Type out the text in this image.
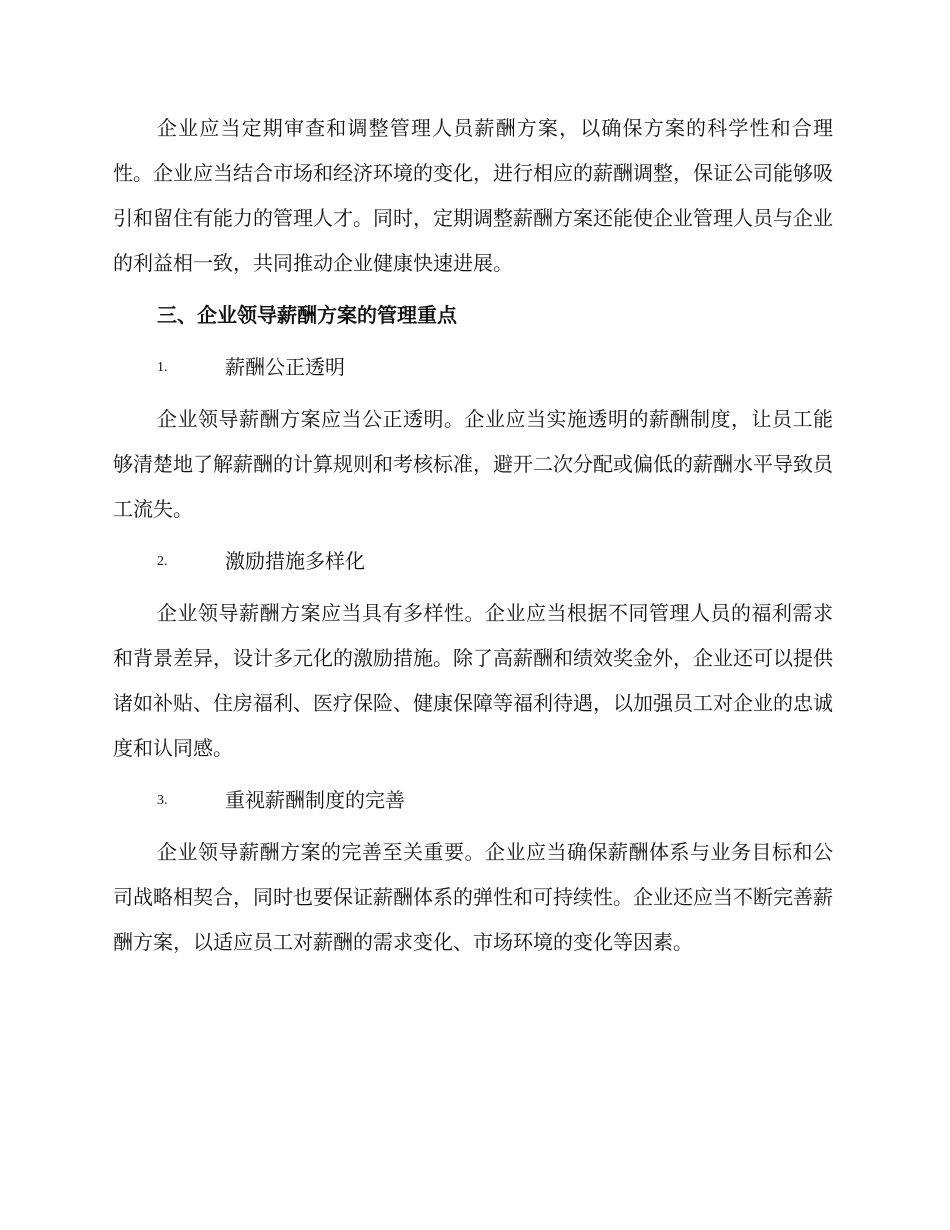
企业应当定期审查和调整管理人员薪酬方案，以确保方案的科学性和合理性。企业应当结合市场和经济环境的变化，进行相应的薪酬调整，保证公司能够吸引和留住有能力的管理人才。同时，定期调整薪酬方案还能使企业管理人员与企业的利益相一致，共同推动企业健康快速进展。

三、企业领导薪酬方案的管理重点
1.	薪酬公正透明

企业领导薪酬方案应当公正透明。企业应当实施透明的薪酬制度，让员工能够清楚地了解薪酬的计算规则和考核标准，避开二次分配或偏低的薪酬水平导致员工流失。

2.	激励措施多样化

企业领导薪酬方案应当具有多样性。企业应当根据不同管理人员的福利需求和背景差异，设计多元化的激励措施。除了高薪酬和绩效奖金外，企业还可以提供诸如补贴、住房福利、医疗保险、健康保障等福利待遇，以加强员工对企业的忠诚度和认同感。

3.	重视薪酬制度的完善

企业领导薪酬方案的完善至关重要。企业应当确保薪酬体系与业务目标和公司战略相契合，同时也要保证薪酬体系的弹性和可持续性。企业还应当不断完善薪酬方案，以适应员工对薪酬的需求变化、市场环境的变化等因素。
